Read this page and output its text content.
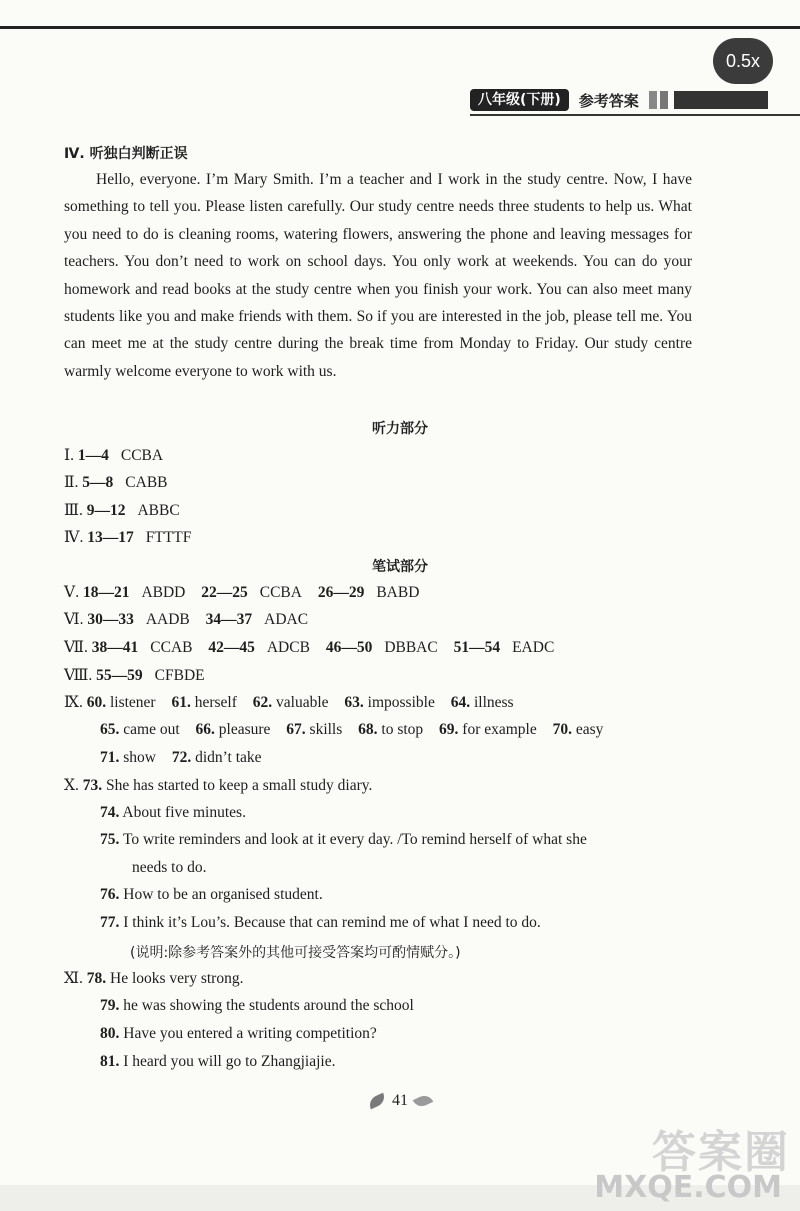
0.5x
八年级(下册)	参考答案
Ⅳ. 听独白判断正误

Hello, everyone. I’m Mary Smith. I’m a teacher and I work in the study centre. Now, I have something to tell you. Please listen carefully. Our study centre needs three students to help us. What you need to do is cleaning rooms, watering flowers, answering the phone and leaving messages for teachers. You don’t need to work on school days. You only work at weekends. You can do your homework and read books at the study centre when you finish your work. You can also meet many students like you and make friends with them. So if you are interested in the job, please tell me. You can meet me at the study centre during the break time from Monday to Friday. Our study centre warmly welcome everyone to work with us.

听力部分
Ⅰ. 1—4 CCBA
Ⅱ. 5—8 CABB
Ⅲ. 9—12 ABBC
Ⅳ. 13—17 FTTTF
笔试部分
Ⅴ. 18—21 ABDD 22—25 CCBA 26—29 BABD
Ⅵ. 30—33 AADB 34—37 ADAC
Ⅶ. 38—41 CCAB 42—45 ADCB 46—50 DBBAC 51—54 EADC
Ⅷ. 55—59 CFBDE
Ⅸ. 60. listener 61. herself 62. valuable 63. impossible 64. illness
65. came out 66. pleasure 67. skills 68. to stop 69. for example 70. easy
71. show 72. didn’t take
Ⅹ. 73. She has started to keep a small study diary.
74. About five minutes.
75. To write reminders and look at it every day. /To remind herself of what she
needs to do.
76. How to be an organised student.
77. I think it’s Lou’s. Because that can remind me of what I need to do.
(说明:除参考答案外的其他可接受答案均可酌情赋分。)
Ⅺ. 78. He looks very strong.
79. he was showing the students around the school
80. Have you entered a writing competition?
81. I heard you will go to Zhangjiajie.
41
答案圈
MXQE.COM
